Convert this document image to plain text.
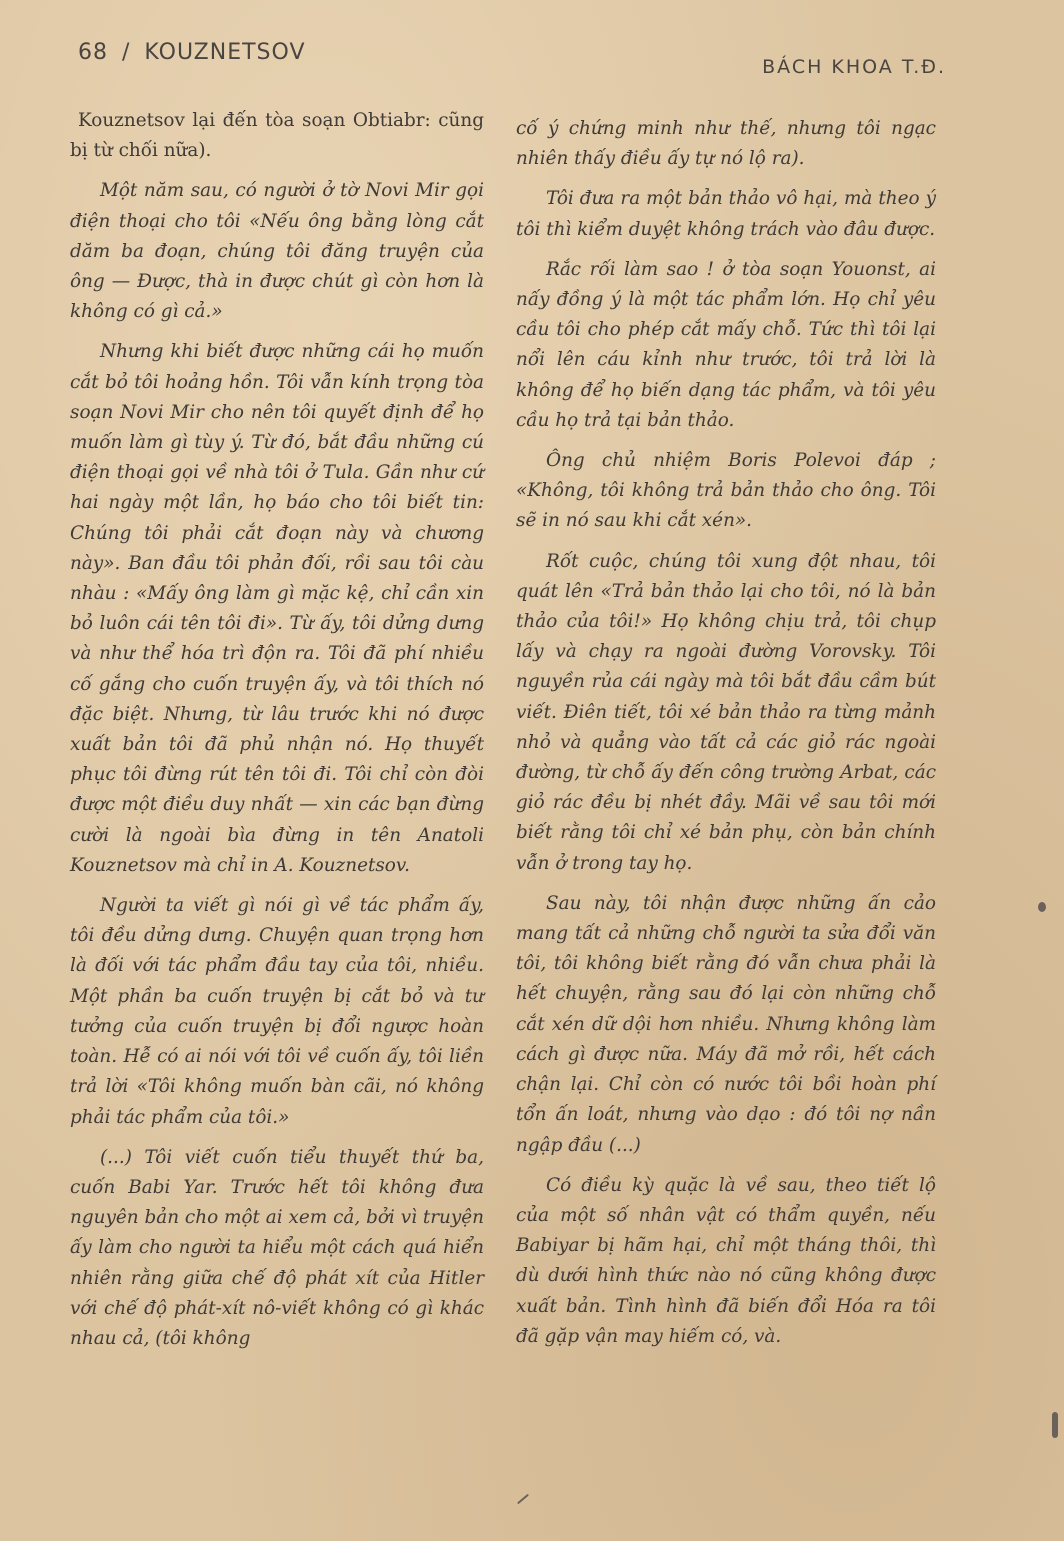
68 / KOUZNETSOV
BÁCH KHOA T.Đ.

Kouznetsov lại đến tòa soạn Obtiabr: cũng bị từ chối nữa).

Một năm sau, có người ở tờ Novi Mir gọi điện thoại cho tôi «Nếu ông bằng lòng cắt dăm ba đoạn, chúng tôi đăng truyện của ông — Được, thà in được chút gì còn hơn là không có gì cả.»

Nhưng khi biết được những cái họ muốn cắt bỏ tôi hoảng hồn. Tôi vẫn kính trọng tòa soạn Novi Mir cho nên tôi quyết định để họ muốn làm gì tùy ý. Từ đó, bắt đầu những cú điện thoại gọi về nhà tôi ở Tula. Gần như cứ hai ngày một lần, họ báo cho tôi biết tin: Chúng tôi phải cắt đoạn này và chương này». Ban đầu tôi phản đối, rồi sau tôi càu nhàu : «Mấy ông làm gì mặc kệ, chỉ cần xin bỏ luôn cái tên tôi đi». Từ ấy, tôi dửng dưng và như thể hóa trì độn ra. Tôi đã phí nhiều cố gắng cho cuốn truyện ấy, và tôi thích nó đặc biệt. Nhưng, từ lâu trước khi nó được xuất bản tôi đã phủ nhận nó. Họ thuyết phục tôi đừng rút tên tôi đi. Tôi chỉ còn đòi được một điều duy nhất — xin các bạn đừng cười là ngoài bìa đừng in tên Anatoli Kouznetsov mà chỉ in A. Kouznetsov.

Người ta viết gì nói gì về tác phẩm ấy, tôi đều dửng dưng. Chuyện quan trọng hơn là đối với tác phẩm đầu tay của tôi, nhiều. Một phần ba cuốn truyện bị cắt bỏ và tư tưởng của cuốn truyện bị đổi ngược hoàn toàn. Hễ có ai nói với tôi về cuốn ấy, tôi liền trả lời «Tôi không muốn bàn cãi, nó không phải tác phẩm của tôi.»

(...) Tôi viết cuốn tiểu thuyết thứ ba, cuốn Babi Yar. Trước hết tôi không đưa nguyên bản cho một ai xem cả, bởi vì truyện ấy làm cho người ta hiểu một cách quá hiển nhiên rằng giữa chế độ phát xít của Hitler với chế độ phát-xít nô-viết không có gì khác nhau cả, (tôi không

cố ý chứng minh như thế, nhưng tôi ngạc nhiên thấy điều ấy tự nó lộ ra).

Tôi đưa ra một bản thảo vô hại, mà theo ý tôi thì kiểm duyệt không trách vào đâu được.

Rắc rối làm sao ! ở tòa soạn Youonst, ai nấy đồng ý là một tác phẩm lớn. Họ chỉ yêu cầu tôi cho phép cắt mấy chỗ. Tức thì tôi lại nổi lên cáu kỉnh như trước, tôi trả lời là không để họ biến dạng tác phẩm, và tôi yêu cầu họ trả tại bản thảo.

Ông chủ nhiệm Boris Polevoi đáp ; «Không, tôi không trả bản thảo cho ông. Tôi sẽ in nó sau khi cắt xén».

Rốt cuộc, chúng tôi xung đột nhau, tôi quát lên «Trả bản thảo lại cho tôi, nó là bản thảo của tôi!» Họ không chịu trả, tôi chụp lấy và chạy ra ngoài đường Vorovsky. Tôi nguyền rủa cái ngày mà tôi bắt đầu cầm bút viết. Điên tiết, tôi xé bản thảo ra từng mảnh nhỏ và quẳng vào tất cả các giỏ rác ngoài đường, từ chỗ ấy đến công trường Arbat, các giỏ rác đều bị nhét đầy. Mãi về sau tôi mới biết rằng tôi chỉ xé bản phụ, còn bản chính vẫn ở trong tay họ.

Sau này, tôi nhận được những ấn cảo mang tất cả những chỗ người ta sửa đổi văn tôi, tôi không biết rằng đó vẫn chưa phải là hết chuyện, rằng sau đó lại còn những chỗ cắt xén dữ dội hơn nhiều. Nhưng không làm cách gì được nữa. Máy đã mở rồi, hết cách chận lại. Chỉ còn có nước tôi bồi hoàn phí tổn ấn loát, nhưng vào dạo : đó tôi nợ nần ngập đầu (...)

Có điều kỳ quặc là về sau, theo tiết lộ của một số nhân vật có thẩm quyền, nếu Babiyar bị hãm hại, chỉ một tháng thôi, thì dù dưới hình thức nào nó cũng không được xuất bản. Tình hình đã biến đổi Hóa ra tôi đã gặp vận may hiếm có, và.
